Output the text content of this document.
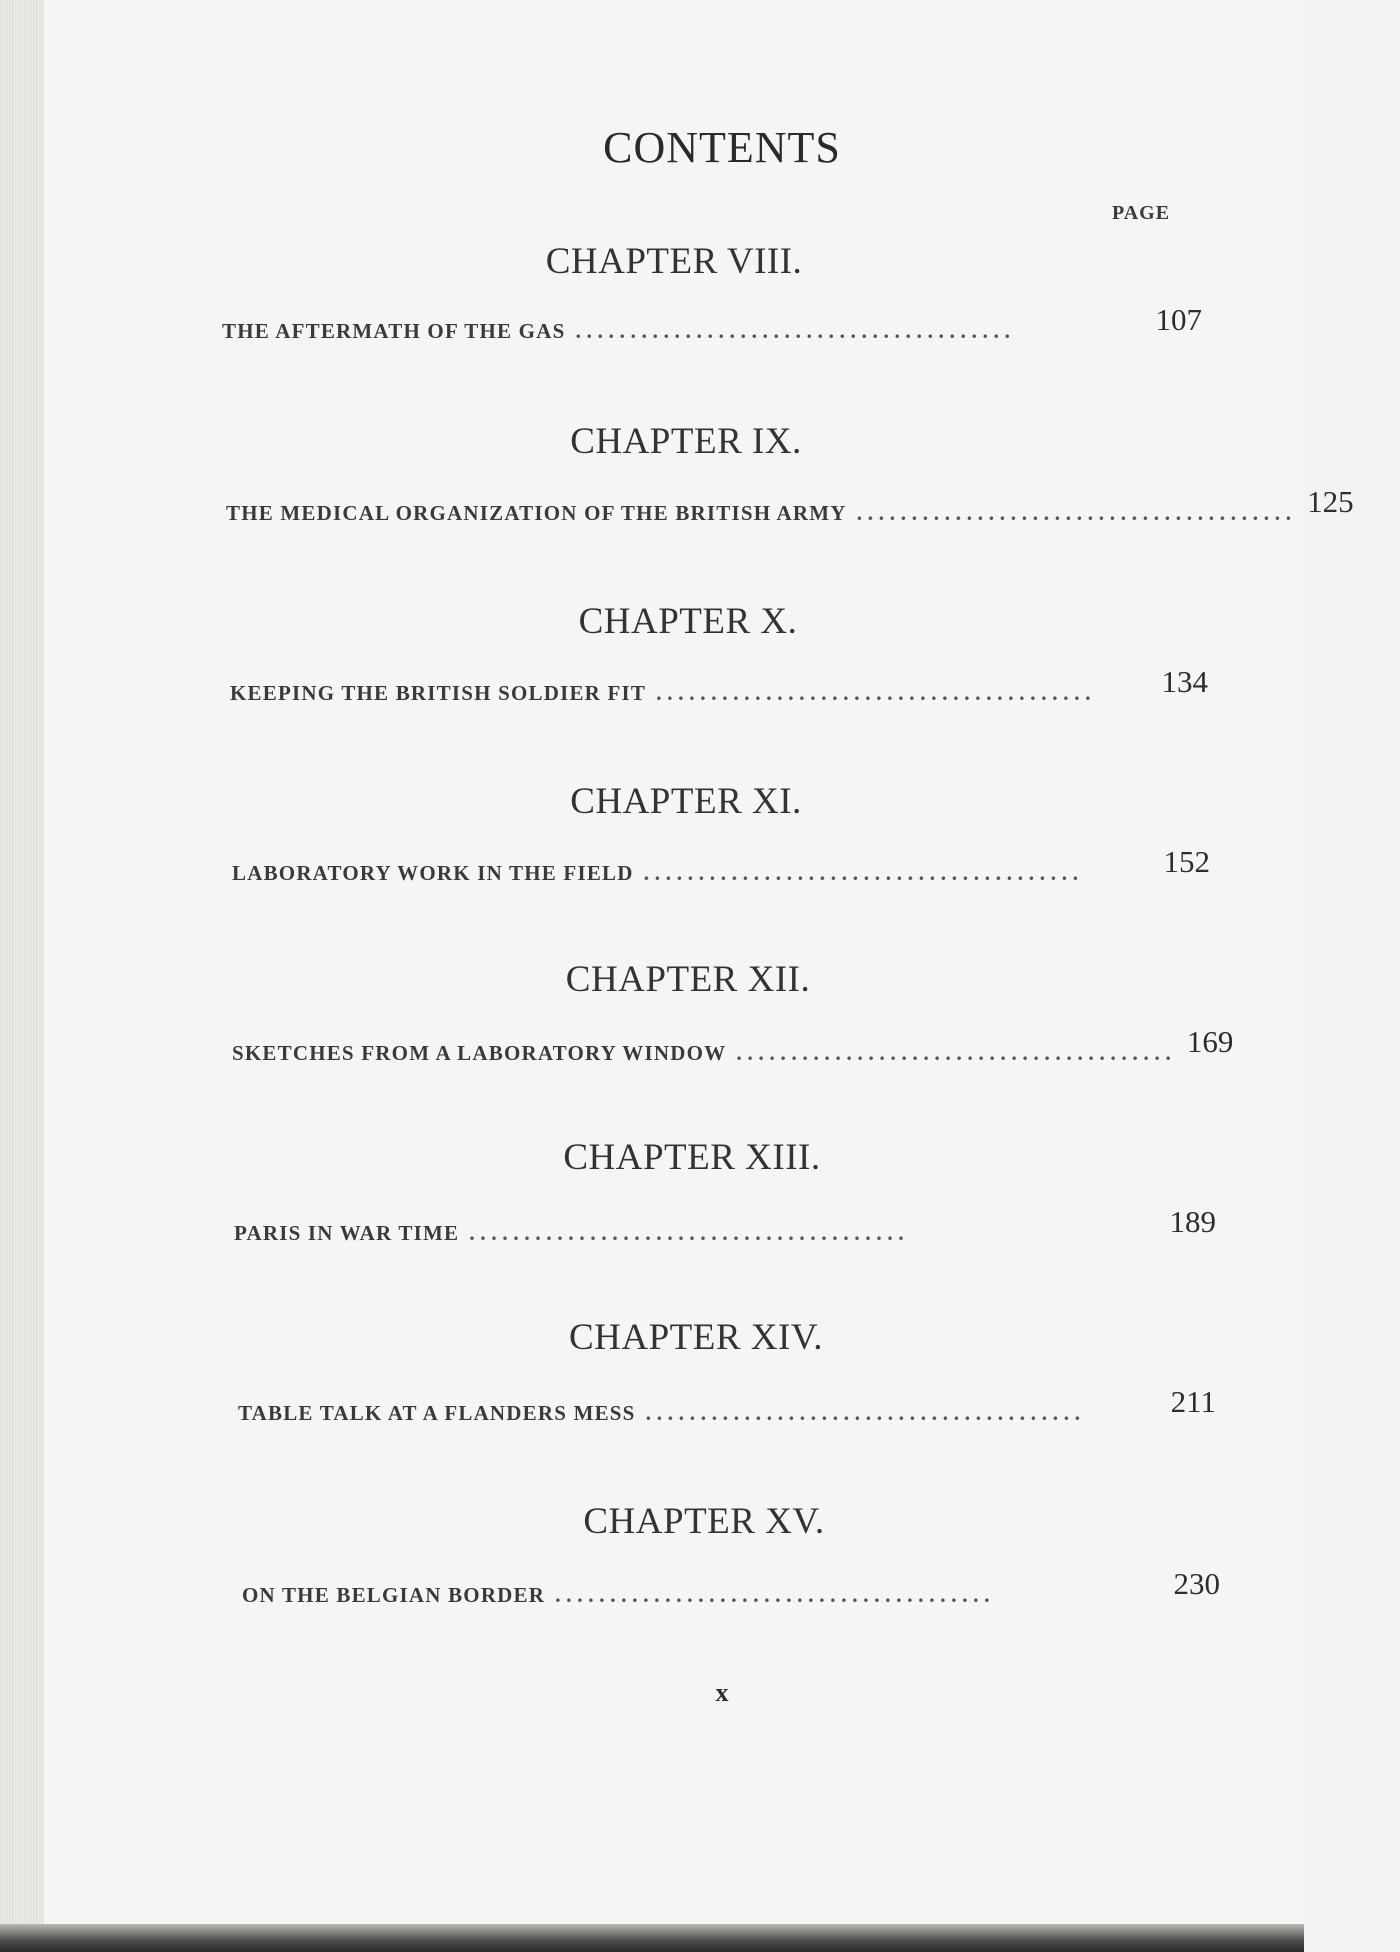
CONTENTS
PAGE
CHAPTER VIII.
THE AFTERMATH OF THE GAS . . . . . . . . . . . . . . . . . . . . . . . . . . . . . . . . . . . . . . . .	107
CHAPTER IX.
THE MEDICAL ORGANIZATION OF THE BRITISH ARMY . . . . . . . . . . . . . . . . . . . . . . . . . . . . . . . . . . . . . . . . 125
CHAPTER X.
KEEPING THE BRITISH SOLDIER FIT . . . . . . . . . . . . . . . . . . . . . . . . . . . . . . . . . . . . . . . .	134
CHAPTER XI.
LABORATORY WORK IN THE FIELD . . . . . . . . . . . . . . . . . . . . . . . . . . . . . . . . . . . . . . . .	152
CHAPTER XII.
SKETCHES FROM A LABORATORY WINDOW . . . . . . . . . . . . . . . . . . . . . . . . . . . . . . . . . . . . . . . . 169
CHAPTER XIII.
PARIS IN WAR TIME . . . . . . . . . . . . . . . . . . . . . . . . . . . . . . . . . . . . . . . .	189
CHAPTER XIV.
TABLE TALK AT A FLANDERS MESS . . . . . . . . . . . . . . . . . . . . . . . . . . . . . . . . . . . . . . . .	211
CHAPTER XV.
ON THE BELGIAN BORDER . . . . . . . . . . . . . . . . . . . . . . . . . . . . . . . . . . . . . . . .	230
x
